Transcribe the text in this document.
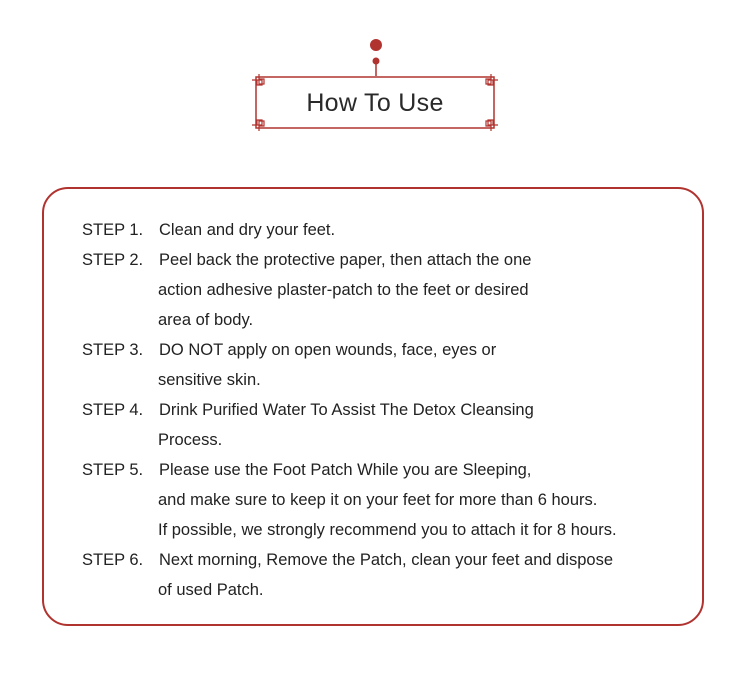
How To Use
STEP 1. Clean and dry your feet.
STEP 2. Peel back the protective paper, then attach the one
action adhesive plaster-patch to the feet or desired
area of body.
STEP 3. DO NOT apply on open wounds, face, eyes or
sensitive skin.
STEP 4. Drink Purified Water To Assist The Detox Cleansing
Process.
STEP 5. Please use the Foot Patch While you are Sleeping,
and make sure to keep it on your feet for more than 6 hours.
If possible, we strongly recommend you to attach it for 8 hours.
STEP 6. Next morning, Remove the Patch, clean your feet and dispose
of used Patch.
